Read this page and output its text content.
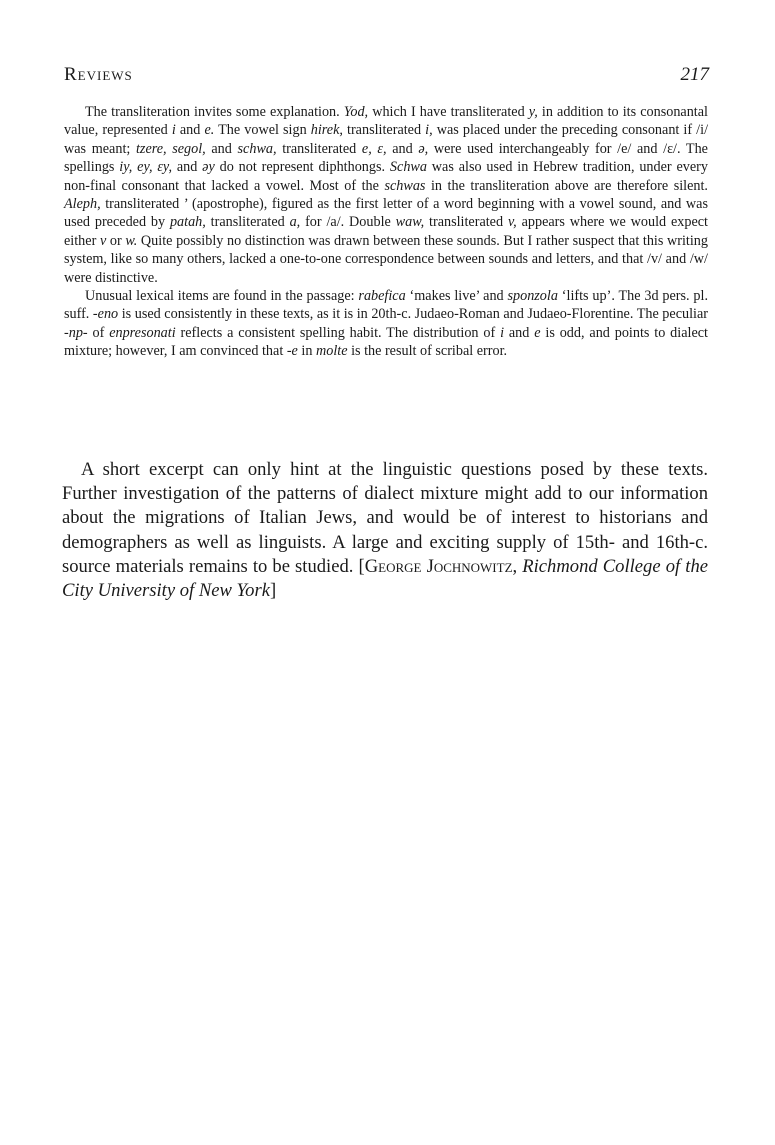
Reviews	217

The transliteration invites some explanation. Yod, which I have transliterated y, in addition to its consonantal value, represented i and e. The vowel sign hirek, transliterated i, was placed under the preceding consonant if /i/ was meant; tzere, segol, and schwa, transliterated e, ɛ, and ə, were used interchangeably for /e/ and /ɛ/. The spellings iy, ey, ɛy, and əy do not represent diphthongs. Schwa was also used in Hebrew tradition, under every non-final consonant that lacked a vowel. Most of the schwas in the transliteration above are therefore silent. Aleph, transliterated ’ (apostrophe), figured as the first letter of a word beginning with a vowel sound, and was used preceded by patah, transliterated a, for /a/. Double waw, transliterated v, appears where we would expect either v or w. Quite possibly no distinction was drawn between these sounds. But I rather suspect that this writing system, like so many others, lacked a one-to-one correspondence between sounds and letters, and that /v/ and /w/ were distinctive.

Unusual lexical items are found in the passage: rabefica ‘makes live’ and sponzola ‘lifts up’. The 3d pers. pl. suff. -eno is used consistently in these texts, as it is in 20th-c. Judaeo-Roman and Judaeo-Florentine. The peculiar -np- of enpresonati reflects a consistent spelling habit. The distribution of i and e is odd, and points to dialect mixture; however, I am convinced that -e in molte is the result of scribal error.

A short excerpt can only hint at the linguistic questions posed by these texts. Further investigation of the patterns of dialect mixture might add to our information about the migrations of Italian Jews, and would be of interest to historians and demographers as well as linguists. A large and exciting supply of 15th- and 16th-c. source materials remains to be studied. [George Jochnowitz, Richmond College of the City University of New York]
